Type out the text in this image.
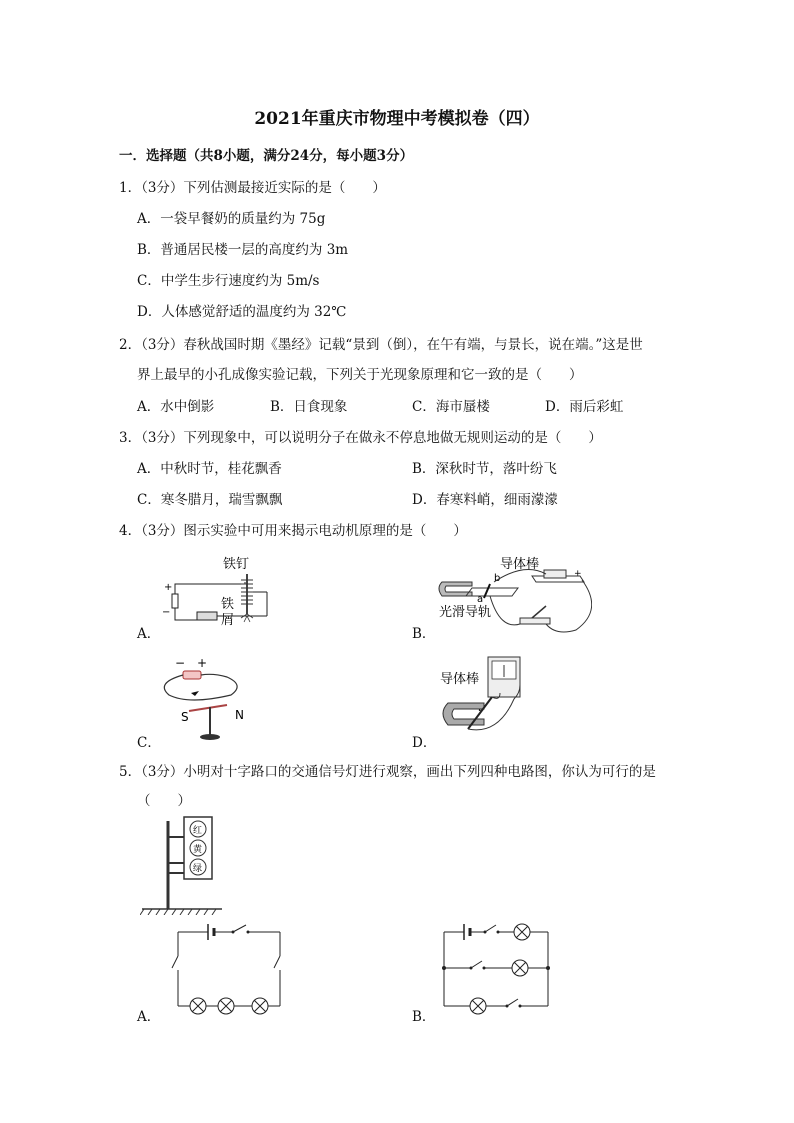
2021年重庆市物理中考模拟卷（四）
一．选择题（共8小题，满分24分，每小题3分）
1．（3分）下列估测最接近实际的是（　　）
A．一袋早餐奶的质量约为 75g
B．普通居民楼一层的高度约为 3m
C．中学生步行速度约为 5m/s
D．人体感觉舒适的温度约为 32℃
2．（3分）春秋战国时期《墨经》记载“景到（倒），在午有端，与景长，说在端。”这是世
界上最早的小孔成像实验记载，下列关于光现象原理和它一致的是（　　）
A．水中倒影	B．日食现象	C．海市蜃楼	D．雨后彩虹
3．（3分）下列现象中，可以说明分子在做永不停息地做无规则运动的是（　　）
A．中秋时节，桂花飘香	B．深秋时节，落叶纷飞
C．寒冬腊月，瑞雪飘飘	D．春寒料峭，细雨濛濛
4．（3分）图示实验中可用来揭示电动机原理的是（　　）
A．	B．
C．	D．
铁钉
铁
屑
+
−
导体棒
光滑导轨
b
a
+
− +
S	N
导体棒
5．（3分）小明对十字路口的交通信号灯进行观察，画出下列四种电路图，你认为可行的是
（　　）
红
黄
绿
A．	B．
